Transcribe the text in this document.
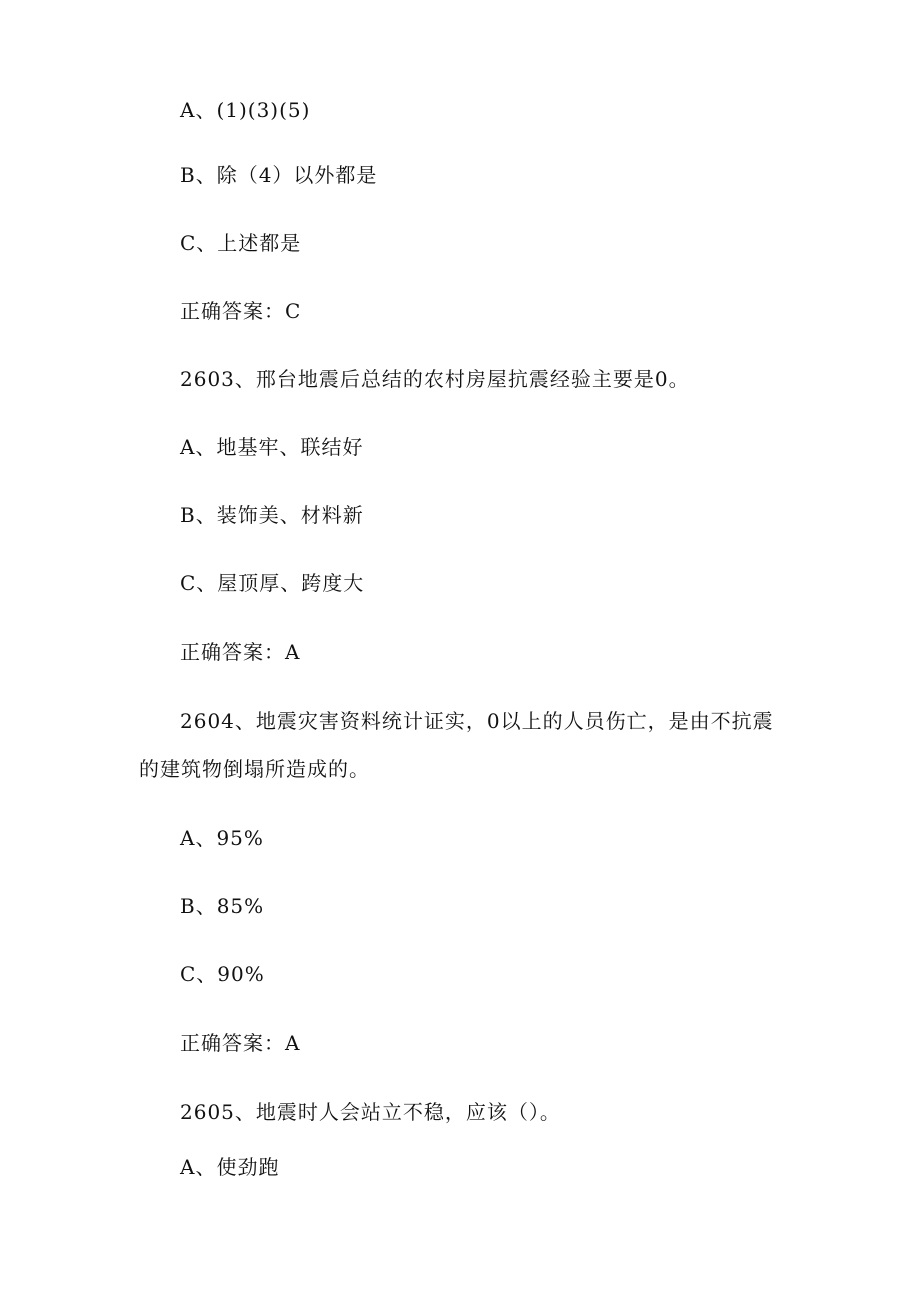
A、(1)(3)(5)
B、除（4）以外都是
C、上述都是
正确答案：C
2603、邢台地震后总结的农村房屋抗震经验主要是0。
A、地基牢、联结好
B、装饰美、材料新
C、屋顶厚、跨度大
正确答案：A
2604、地震灾害资料统计证实，0以上的人员伤亡，是由不抗震
的建筑物倒塌所造成的。
A、95%
B、85%
C、90%
正确答案：A
2605、地震时人会站立不稳，应该（）。
A、使劲跑
